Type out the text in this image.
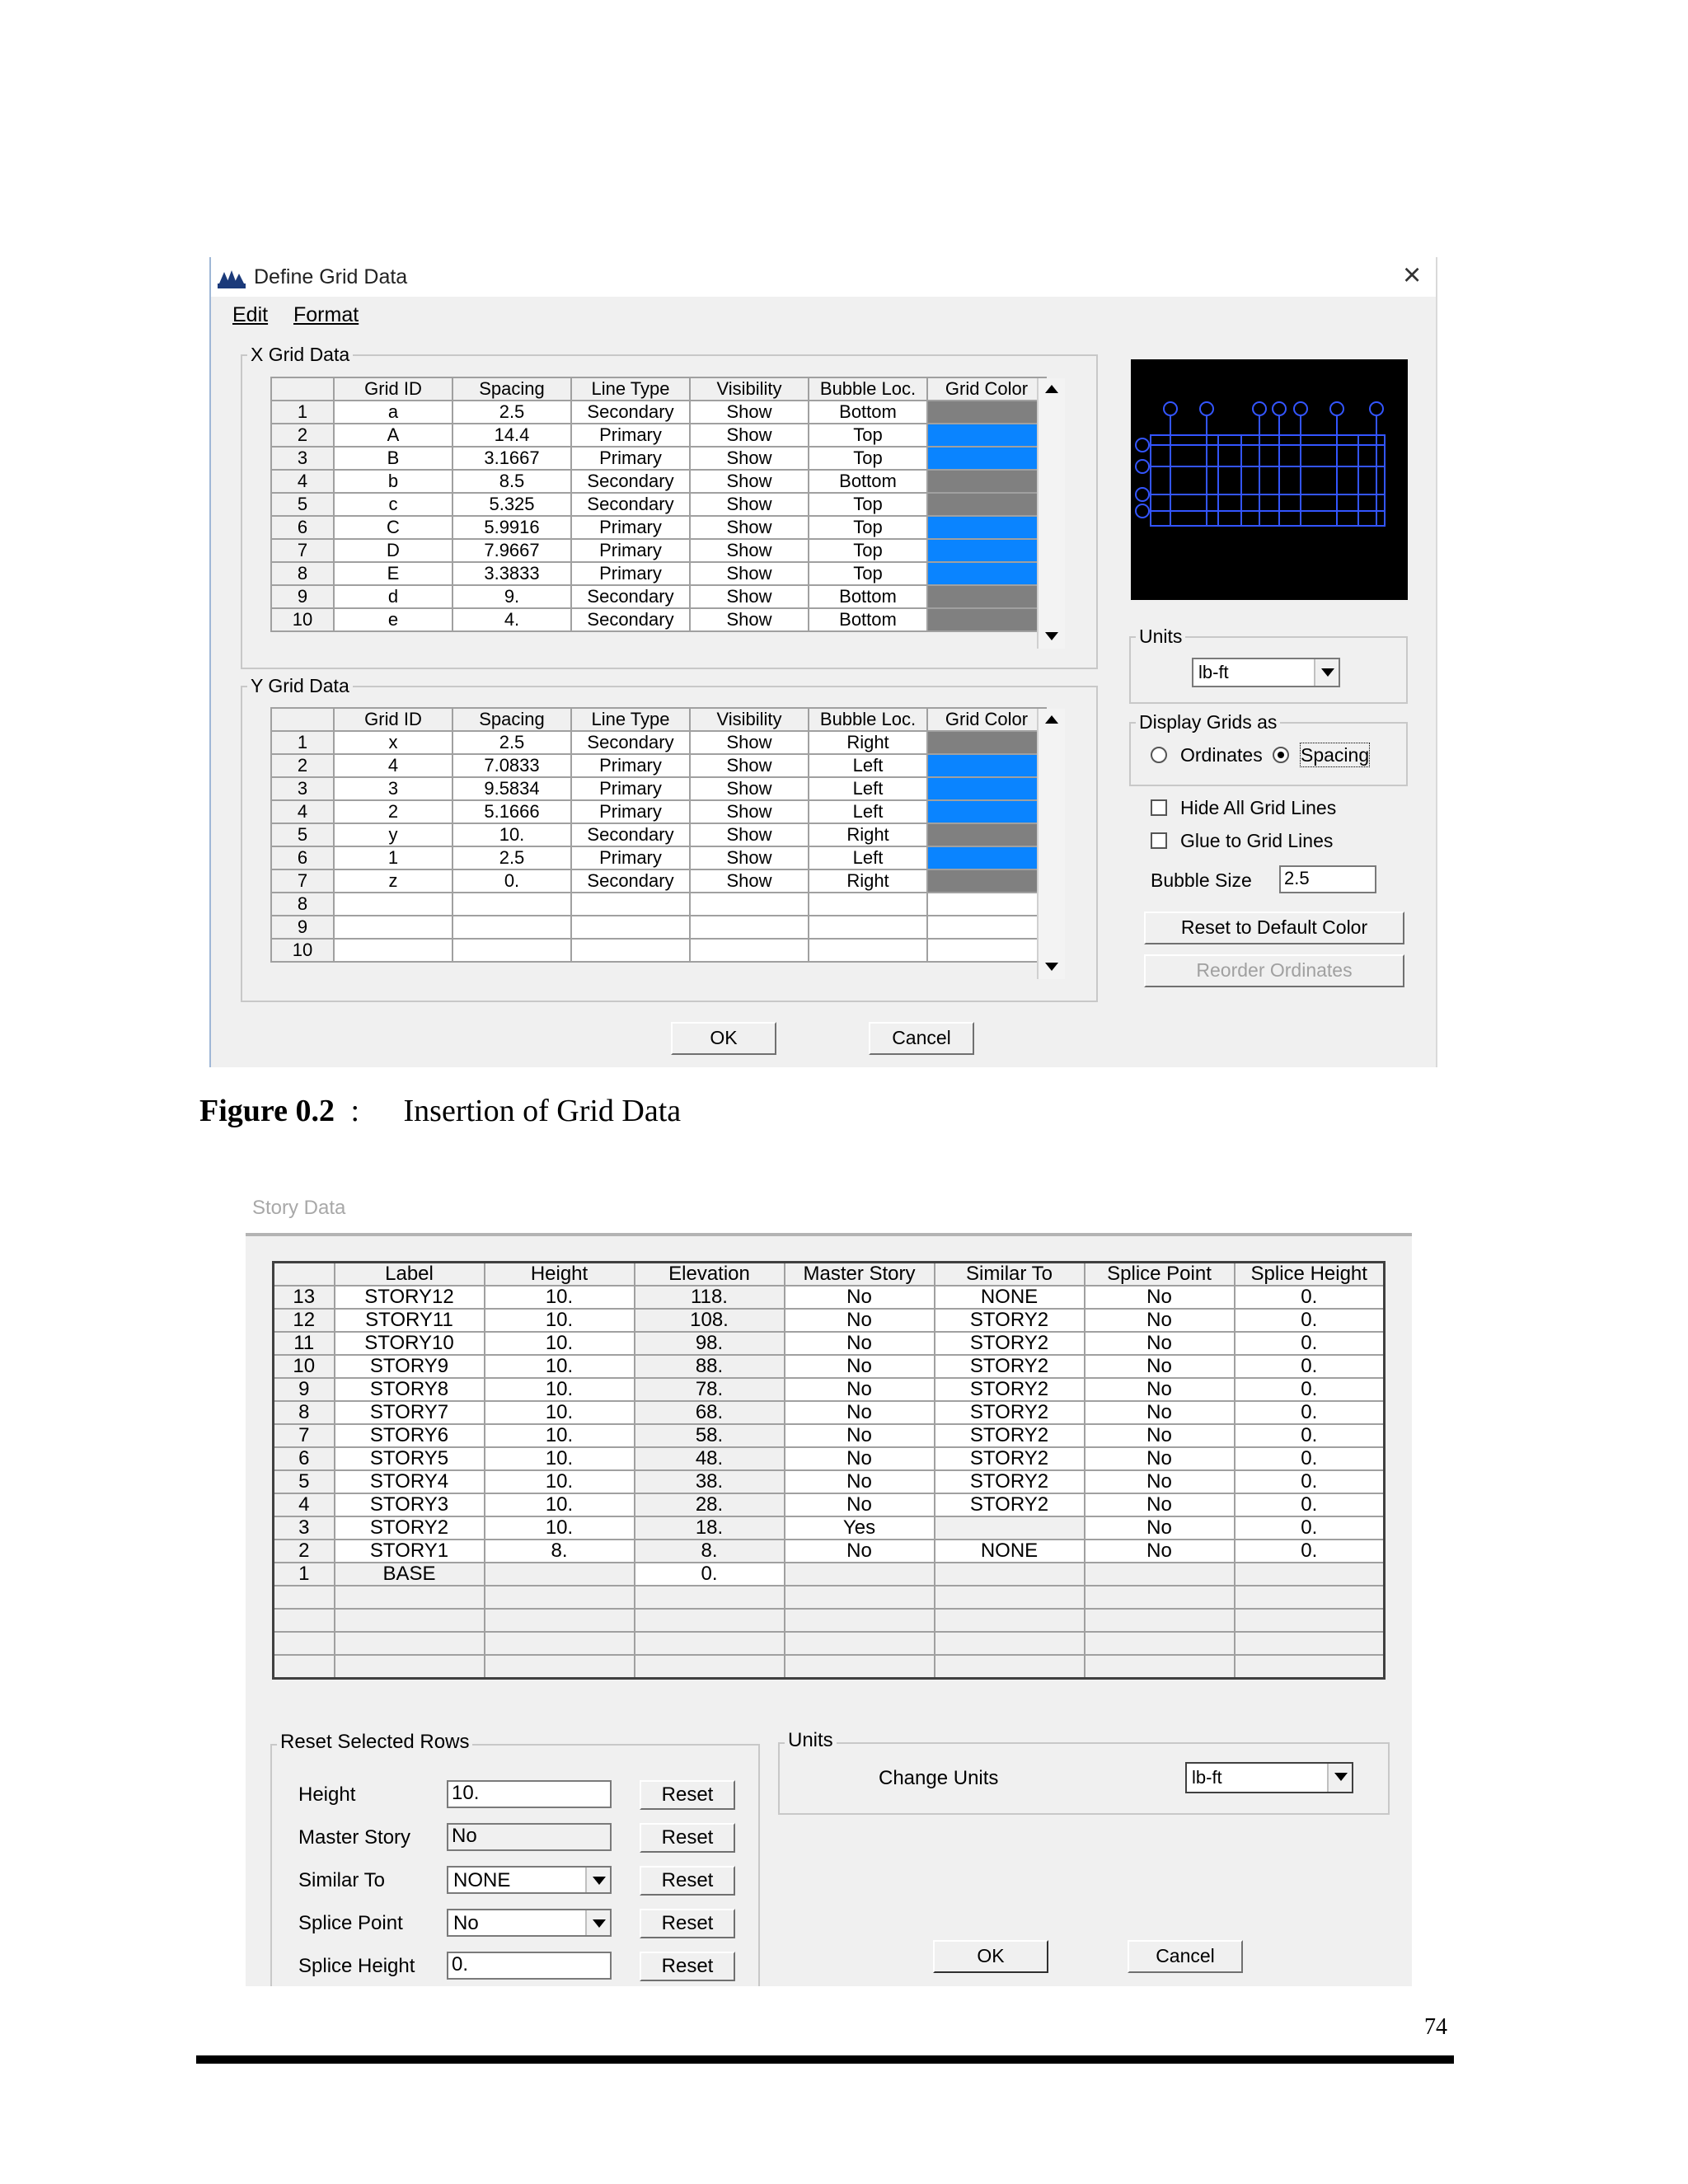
Define Grid Data	×
Edit Format
X Grid Data
	Grid ID	Spacing	Line Type	Visibility	Bubble Loc.	Grid Color
1	a	2.5	Secondary	Show	Bottom	
2	A	14.4	Primary	Show	Top	
3	B	3.1667	Primary	Show	Top	
4	b	8.5	Secondary	Show	Bottom	
5	c	5.325	Secondary	Show	Top	
6	C	5.9916	Primary	Show	Top	
7	D	7.9667	Primary	Show	Top	
8	E	3.3833	Primary	Show	Top	
9	d	9.	Secondary	Show	Bottom	
10	e	4.	Secondary	Show	Bottom	
Y Grid Data
	Grid ID	Spacing	Line Type	Visibility	Bubble Loc.	Grid Color
1	x	2.5	Secondary	Show	Right	
2	4	7.0833	Primary	Show	Left	
3	3	9.5834	Primary	Show	Left	
4	2	5.1666	Primary	Show	Left	
5	y	10.	Secondary	Show	Right	
6	1	2.5	Primary	Show	Left	
7	z	0.	Secondary	Show	Right	
8						
9						
10						
Units
lb-ft
Display Grids as
Ordinates Spacing
Hide All Grid Lines
Glue to Grid Lines
Bubble Size 2.5
Reset to Default Color
Reorder Ordinates
OK	Cancel
Figure 0.2 : Insertion of Grid Data
Story Data
	Label	Height	Elevation	Master Story	Similar To	Splice Point	Splice Height
13	STORY12	10.	118.	No	NONE	No	0.
12	STORY11	10.	108.	No	STORY2	No	0.
11	STORY10	10.	98.	No	STORY2	No	0.
10	STORY9	10.	88.	No	STORY2	No	0.
9	STORY8	10.	78.	No	STORY2	No	0.
8	STORY7	10.	68.	No	STORY2	No	0.
7	STORY6	10.	58.	No	STORY2	No	0.
6	STORY5	10.	48.	No	STORY2	No	0.
5	STORY4	10.	38.	No	STORY2	No	0.
4	STORY3	10.	28.	No	STORY2	No	0.
3	STORY2	10.	18.	Yes		No	0.
2	STORY1	8.	8.	No	NONE	No	0.
1	BASE		0.				

Reset Selected Rows	Units
Change Units	lb-ft
OK	Cancel
Height	10.	Reset
Master Story No	Reset
Similar To	NONE	Reset
Splice Point	No	Reset
Splice Height 0.	Reset
74
